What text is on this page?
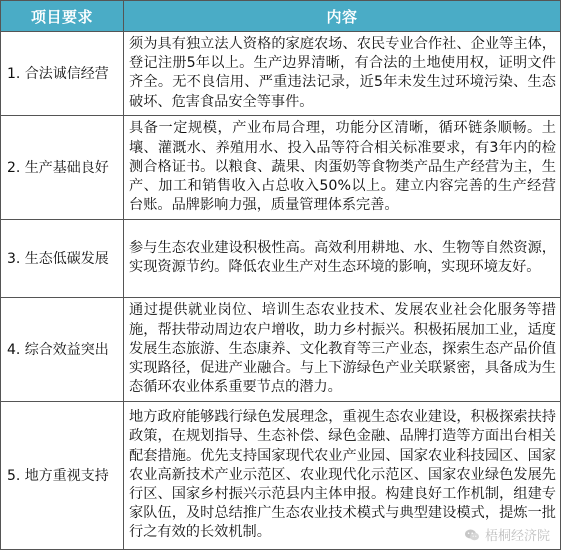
项目要求	内容
1. 合法诚信经营	须为具有独立法人资格的家庭农场、农民专业合作社、企业等主体，登记注册5年以上。生产边界清晰，有合法的土地使用权，证明文件齐全。无不良信用、严重违法记录，近5年未发生过环境污染、生态破坏、危害食品安全等事件。
2. 生产基础良好	具备一定规模，产业布局合理，功能分区清晰，循环链条顺畅。土壤、灌溉水、养殖用水、投入品等符合相关标准要求，有3年内的检测合格证书。以粮食、蔬果、肉蛋奶等食物类产品生产经营为主，生产、加工和销售收入占总收入50%以上。建立内容完善的生产经营台账。品牌影响力强，质量管理体系完善。
3. 生态低碳发展	参与生态农业建设积极性高。高效利用耕地、水、生物等自然资源，实现资源节约。降低农业生产对生态环境的影响，实现环境友好。
4. 综合效益突出	通过提供就业岗位、培训生态农业技术、发展农业社会化服务等措施，帮扶带动周边农户增收，助力乡村振兴。积极拓展加工业，适度发展生态旅游、生态康养、文化教育等三产业态，探索生态产品价值实现路径，促进产业融合。与上下游绿色产业关联紧密，具备成为生态循环农业体系重要节点的潜力。
5. 地方重视支持	地方政府能够践行绿色发展理念，重视生态农业建设，积极探索扶持政策，在规划指导、生态补偿、绿色金融、品牌打造等方面出台相关配套措施。优先支持国家现代农业产业园、国家农业科技园区、国家农业高新技术产业示范区、农业现代化示范区、国家农业绿色发展先行区、国家乡村振兴示范县内主体申报。构建良好工作机制，组建专家队伍，及时总结推广生态农业技术模式与典型建设模式，提炼一批行之有效的长效机制。	梧桐经济院
